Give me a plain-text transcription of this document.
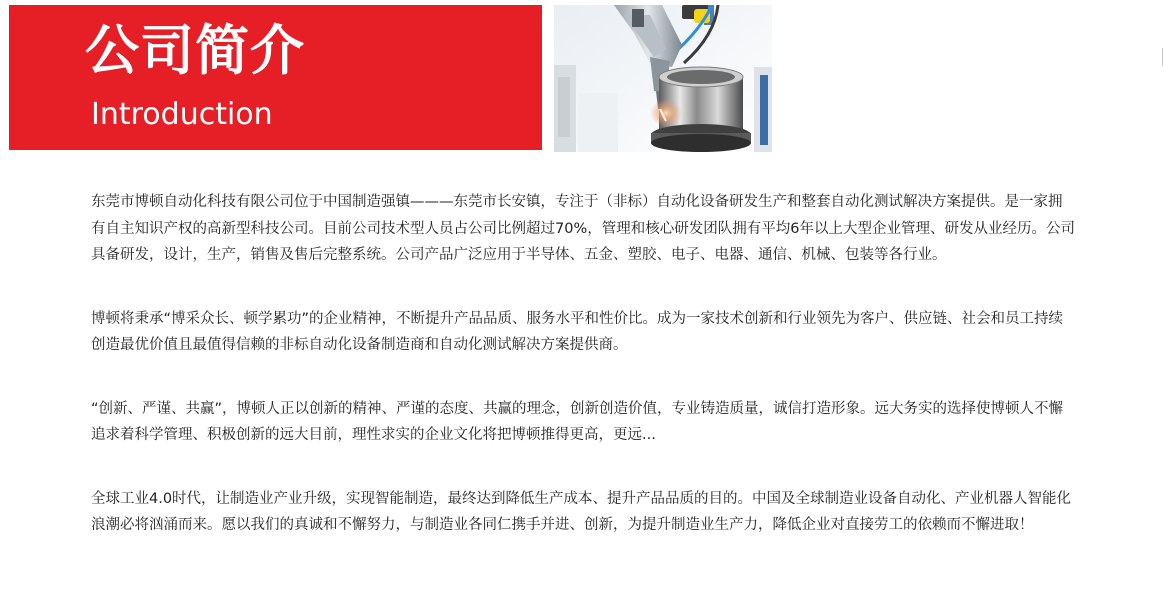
公司简介
Introduction

东莞市博顿自动化科技有限公司位于中国制造强镇———东莞市长安镇，专注于（非标）自动化设备研发生产和整套自动化测试解决方案提供。是一家拥有自主知识产权的高新型科技公司。目前公司技术型人员占公司比例超过70%，管理和核心研发团队拥有平均6年以上大型企业管理、研发从业经历。公司具备研发，设计，生产，销售及售后完整系统。公司产品广泛应用于半导体、五金、塑胶、电子、电器、通信、机械、包装等各行业。

博顿将秉承“博采众长、顿学累功”的企业精神，不断提升产品品质、服务水平和性价比。成为一家技术创新和行业领先为客户、供应链、社会和员工持续创造最优价值且最值得信赖的非标自动化设备制造商和自动化测试解决方案提供商。

“创新、严谨、共赢”，博顿人正以创新的精神、严谨的态度、共赢的理念，创新创造价值，专业铸造质量，诚信打造形象。远大务实的选择使博顿人不懈追求着科学管理、积极创新的远大目前，理性求实的企业文化将把博顿推得更高，更远...

全球工业4.0时代，让制造业产业升级，实现智能制造，最终达到降低生产成本、提升产品品质的目的。中国及全球制造业设备自动化、产业机器人智能化浪潮必将汹涌而来。愿以我们的真诚和不懈努力，与制造业各同仁携手并进、创新，为提升制造业生产力，降低企业对直接劳工的依赖而不懈进取！
